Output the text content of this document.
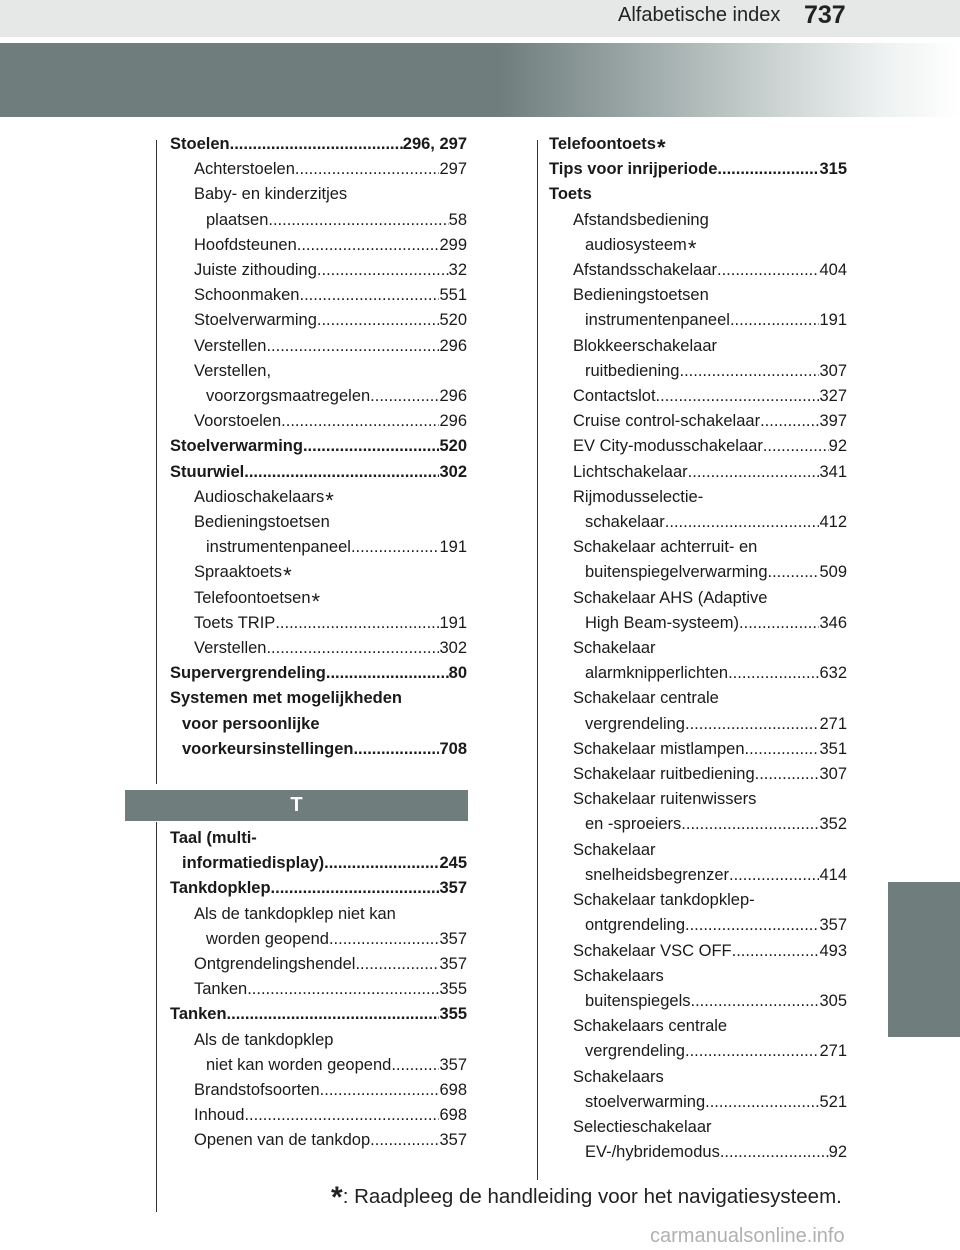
Alfabetische index 737
Stoelen .....	296, 297
Achterstoelen .....	297
Baby- en kinderzitjes
plaatsen .....	58
Hoofdsteunen .....	299
Juiste zithouding .....	32
Schoonmaken .....	551
Stoelverwarming .....	520
Verstellen .....	296
Verstellen,
voorzorgsmaatregelen .....	296
Voorstoelen .....	296
Stoelverwarming .....	520
Stuurwiel .....	302
Audioschakelaars*
Bedieningstoetsen
instrumentenpaneel .....	191
Spraaktoets*
Telefoontoetsen*
Toets TRIP .....	191
Verstellen .....	302
Supervergrendeling .....	80
Systemen met mogelijkheden
voor persoonlijke
voorkeursinstellingen .....	708
T
Taal (multi-
informatiedisplay) .....	245
Tankdopklep .....	357
Als de tankdopklep niet kan
worden geopend .....	357
Ontgrendelingshendel .....	357
Tanken .....	355
Tanken .....	355
Als de tankdopklep
niet kan worden geopend .....	357
Brandstofsoorten .....	698
Inhoud .....	698
Openen van de tankdop .....	357
Telefoontoets*
Tips voor inrijperiode .....	315
Toets
Afstandsbediening
audiosysteem*
Afstandsschakelaar .....	404
Bedieningstoetsen
instrumentenpaneel .....	191
Blokkeerschakelaar
ruitbediening .....	307
Contactslot .....	327
Cruise control-schakelaar .....	397
EV City-modusschakelaar .....	92
Lichtschakelaar .....	341
Rijmodusselectie-
schakelaar .....	412
Schakelaar achterruit- en
buitenspiegelverwarming .....	509
Schakelaar AHS (Adaptive
High Beam-systeem) .....	346
Schakelaar
alarmknipperlichten .....	632
Schakelaar centrale
vergrendeling .....	271
Schakelaar mistlampen .....	351
Schakelaar ruitbediening .....	307
Schakelaar ruitenwissers
en -sproeiers .....	352
Schakelaar
snelheidsbegrenzer .....	414
Schakelaar tankdopklep-
ontgrendeling .....	357
Schakelaar VSC OFF .....	493
Schakelaars
buitenspiegels .....	305
Schakelaars centrale
vergrendeling .....	271
Schakelaars
stoelverwarming .....	521
Selectieschakelaar
EV-/hybridemodus .....	92
*: Raadpleeg de handleiding voor het navigatiesysteem.
carmanualsonline.info
